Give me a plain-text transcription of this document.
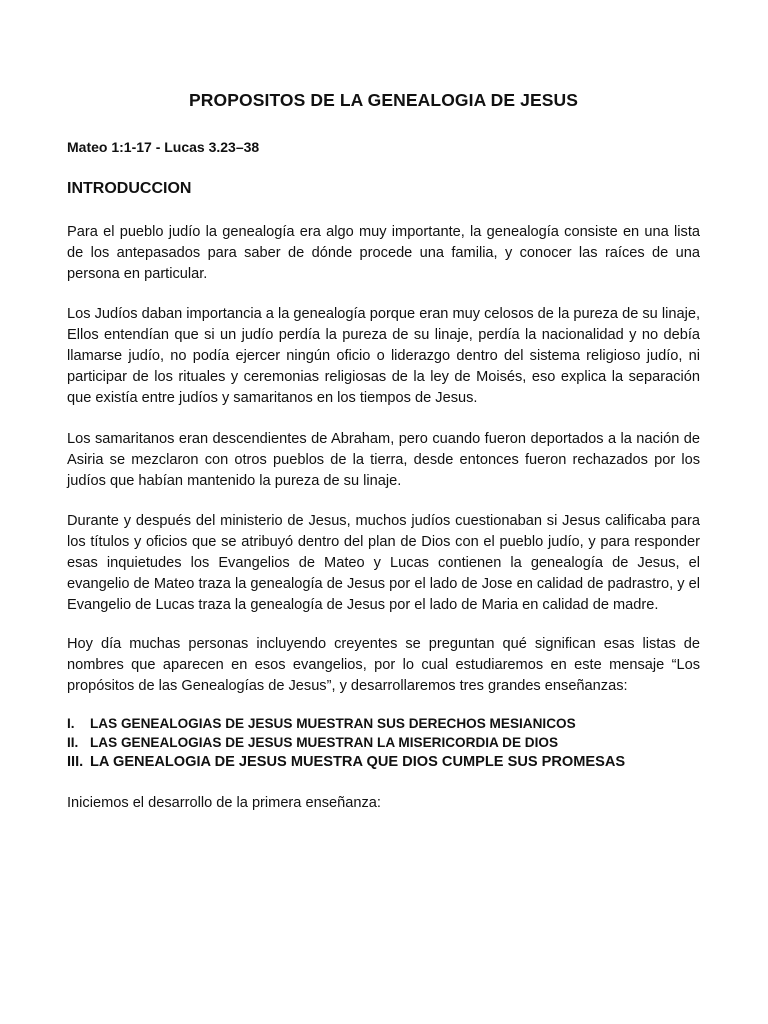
PROPOSITOS DE LA GENEALOGIA DE JESUS

Mateo 1:1-17 - Lucas 3.23–38

INTRODUCCION

Para el pueblo judío la genealogía era algo muy importante, la genealogía consiste en una lista de los antepasados para saber de dónde procede una familia, y conocer las raíces de una persona en particular.

Los Judíos daban importancia a la genealogía porque eran muy celosos de la pureza de su linaje, Ellos entendían que si un judío perdía la pureza de su linaje, perdía la nacionalidad y no debía llamarse judío, no podía ejercer ningún oficio o liderazgo dentro del sistema religioso judío, ni participar de los rituales y ceremonias religiosas de la ley de Moisés, eso explica la separación que existía entre judíos y samaritanos en los tiempos de Jesus.

Los samaritanos eran descendientes de Abraham, pero cuando fueron deportados a la nación de Asiria se mezclaron con otros pueblos de la tierra, desde entonces fueron rechazados por los judíos que habían mantenido la pureza de su linaje.

Durante y después del ministerio de Jesus, muchos judíos cuestionaban si Jesus calificaba para los títulos y oficios que se atribuyó dentro del plan de Dios con el pueblo judío, y para responder esas inquietudes los Evangelios de Mateo y Lucas contienen la genealogía de Jesus, el evangelio de Mateo traza la genealogía de Jesus por el lado de Jose en calidad de padrastro, y el Evangelio de Lucas traza la genealogía de Jesus por el lado de Maria en calidad de madre.

Hoy día muchas personas incluyendo creyentes se preguntan qué significan esas listas de nombres que aparecen en esos evangelios, por lo cual estudiaremos en este mensaje “Los propósitos de las Genealogías de Jesus”, y desarrollaremos tres grandes enseñanzas:

I.	LAS GENEALOGIAS DE JESUS MUESTRAN SUS DERECHOS MESIANICOS
II. LAS GENEALOGIAS DE JESUS MUESTRAN LA MISERICORDIA DE DIOS
III. LA GENEALOGIA DE JESUS MUESTRA QUE DIOS CUMPLE SUS PROMESAS

Iniciemos el desarrollo de la primera enseñanza:
